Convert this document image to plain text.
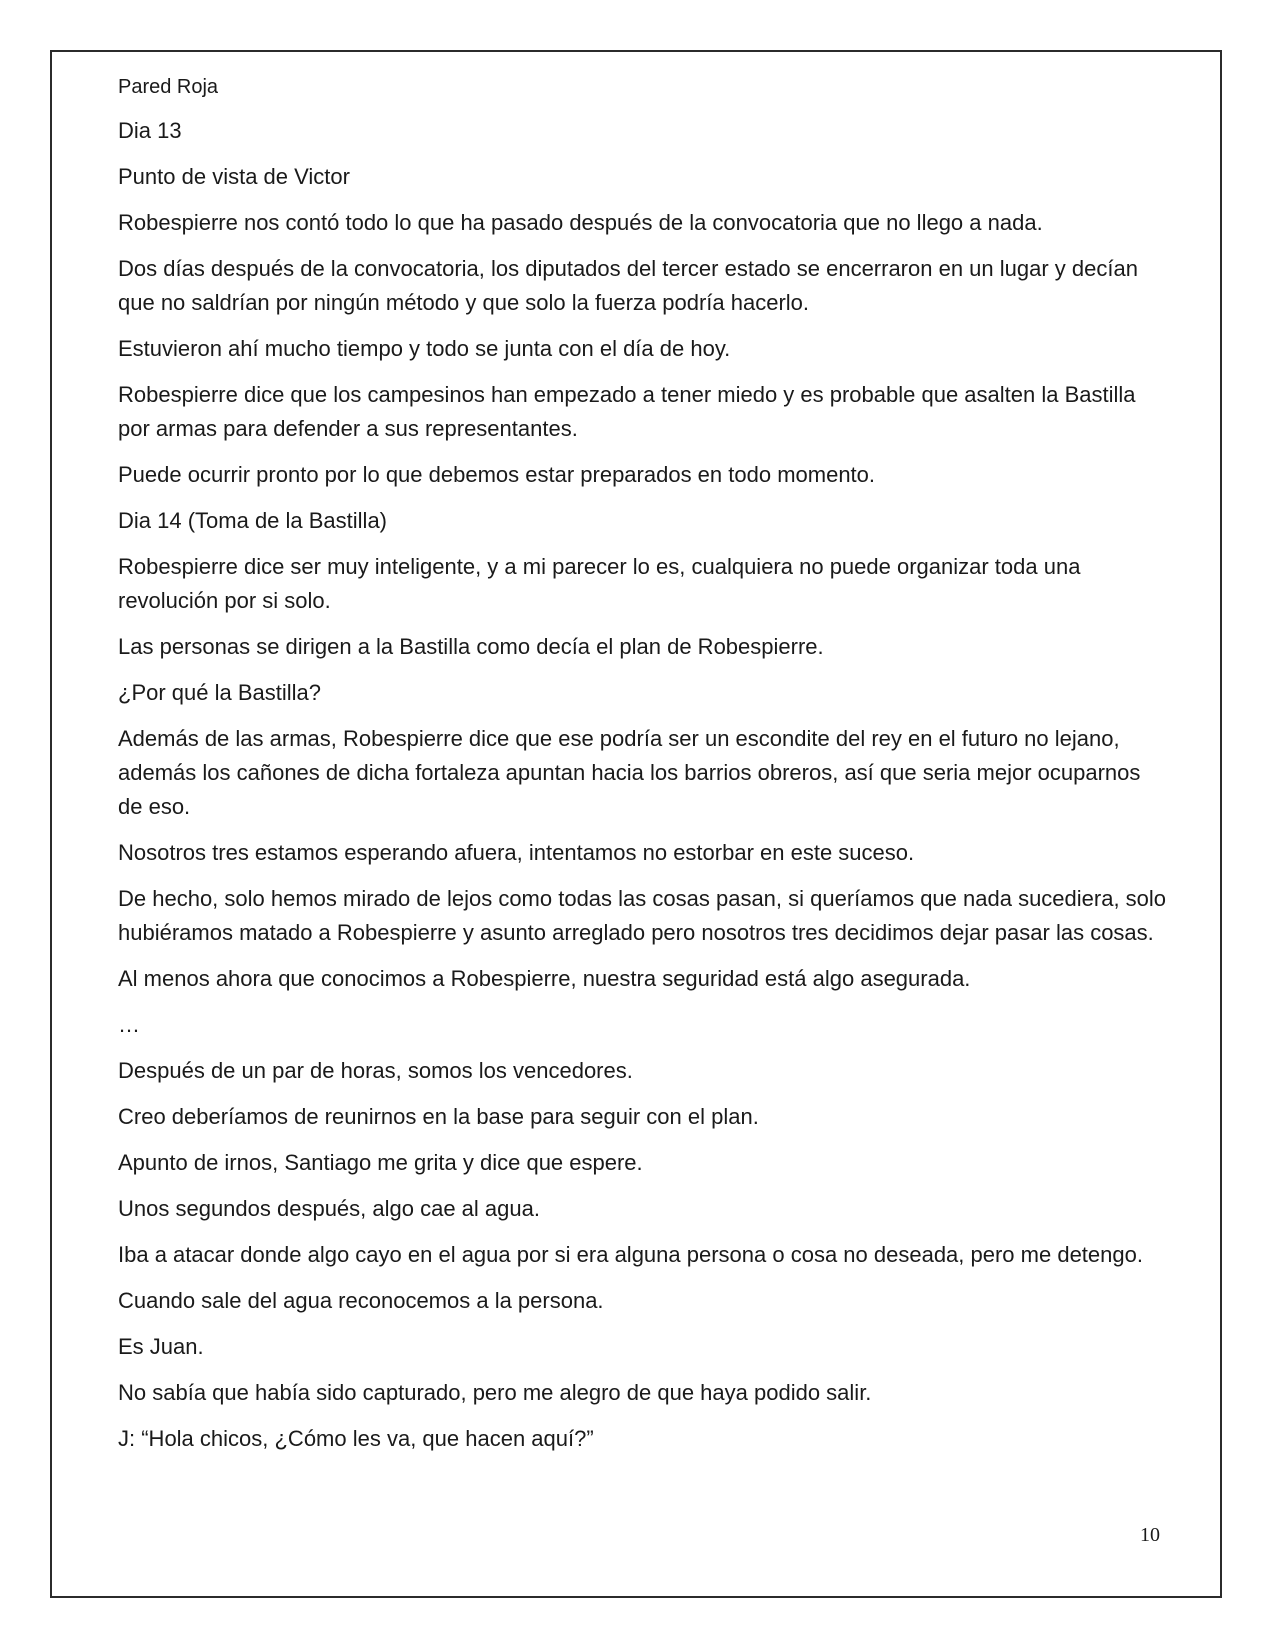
Pared Roja

Dia 13

Punto de vista de Victor

Robespierre nos contó todo lo que ha pasado después de la convocatoria que no llego a nada.

Dos días después de la convocatoria, los diputados del tercer estado se encerraron en un lugar y decían que no saldrían por ningún método y que solo la fuerza podría hacerlo.

Estuvieron ahí mucho tiempo y todo se junta con el día de hoy.

Robespierre dice que los campesinos han empezado a tener miedo y es probable que asalten la Bastilla por armas para defender a sus representantes.

Puede ocurrir pronto por lo que debemos estar preparados en todo momento.

Dia 14 (Toma de la Bastilla)

Robespierre dice ser muy inteligente, y a mi parecer lo es, cualquiera no puede organizar toda una revolución por si solo.

Las personas se dirigen a la Bastilla como decía el plan de Robespierre.

¿Por qué la Bastilla?

Además de las armas, Robespierre dice que ese podría ser un escondite del rey en el futuro no lejano, además los cañones de dicha fortaleza apuntan hacia los barrios obreros, así que seria mejor ocuparnos de eso.

Nosotros tres estamos esperando afuera, intentamos no estorbar en este suceso.

De hecho, solo hemos mirado de lejos como todas las cosas pasan, si queríamos que nada sucediera, solo hubiéramos matado a Robespierre y asunto arreglado pero nosotros tres decidimos dejar pasar las cosas.

Al menos ahora que conocimos a Robespierre, nuestra seguridad está algo asegurada.

…

Después de un par de horas, somos los vencedores.

Creo deberíamos de reunirnos en la base para seguir con el plan.

Apunto de irnos, Santiago me grita y dice que espere.

Unos segundos después, algo cae al agua.

Iba a atacar donde algo cayo en el agua por si era alguna persona o cosa no deseada, pero me detengo.

Cuando sale del agua reconocemos a la persona.

Es Juan.

No sabía que había sido capturado, pero me alegro de que haya podido salir.

J: “Hola chicos, ¿Cómo les va, que hacen aquí?”

10
